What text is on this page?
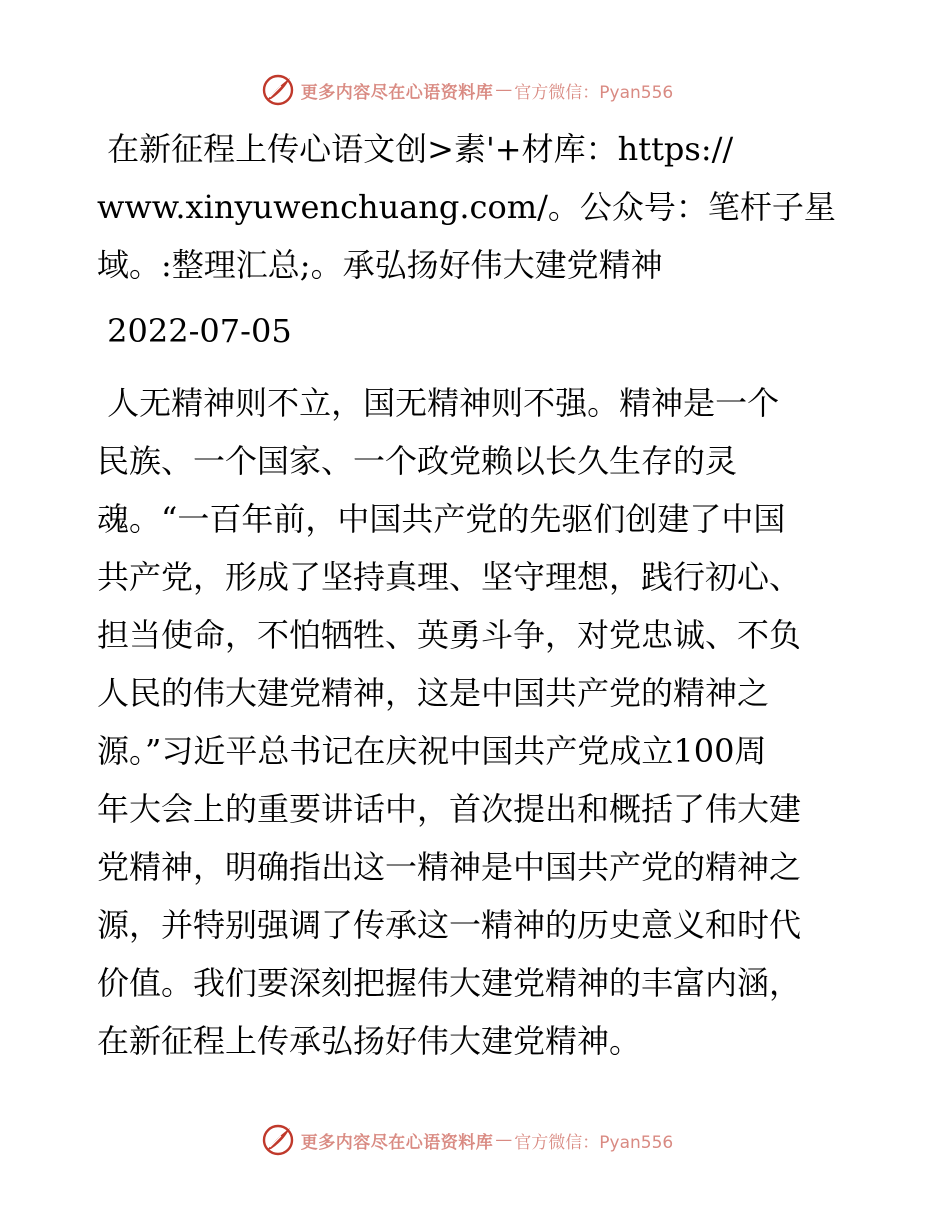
更多内容尽在心语资料库 — 官方微信：Pyan556

在新征程上传心语文创>素'+材库：https://
www.xinyuwenchuang.com/。公众号：笔杆子星
域。:整理汇总;。承弘扬好伟大建党精神

2022-07-05

人无精神则不立，国无精神则不强。精神是一个
民族、一个国家、一个政党赖以长久生存的灵
魂。“一百年前，中国共产党的先驱们创建了中国
共产党，形成了坚持真理、坚守理想，践行初心、
担当使命，不怕牺牲、英勇斗争，对党忠诚、不负
人民的伟大建党精神，这是中国共产党的精神之
源。”习近平总书记在庆祝中国共产党成立100周
年大会上的重要讲话中，首次提出和概括了伟大建
党精神，明确指出这一精神是中国共产党的精神之
源，并特别强调了传承这一精神的历史意义和时代
价值。我们要深刻把握伟大建党精神的丰富内涵，
在新征程上传承弘扬好伟大建党精神。

更多内容尽在心语资料库 — 官方微信：Pyan556
